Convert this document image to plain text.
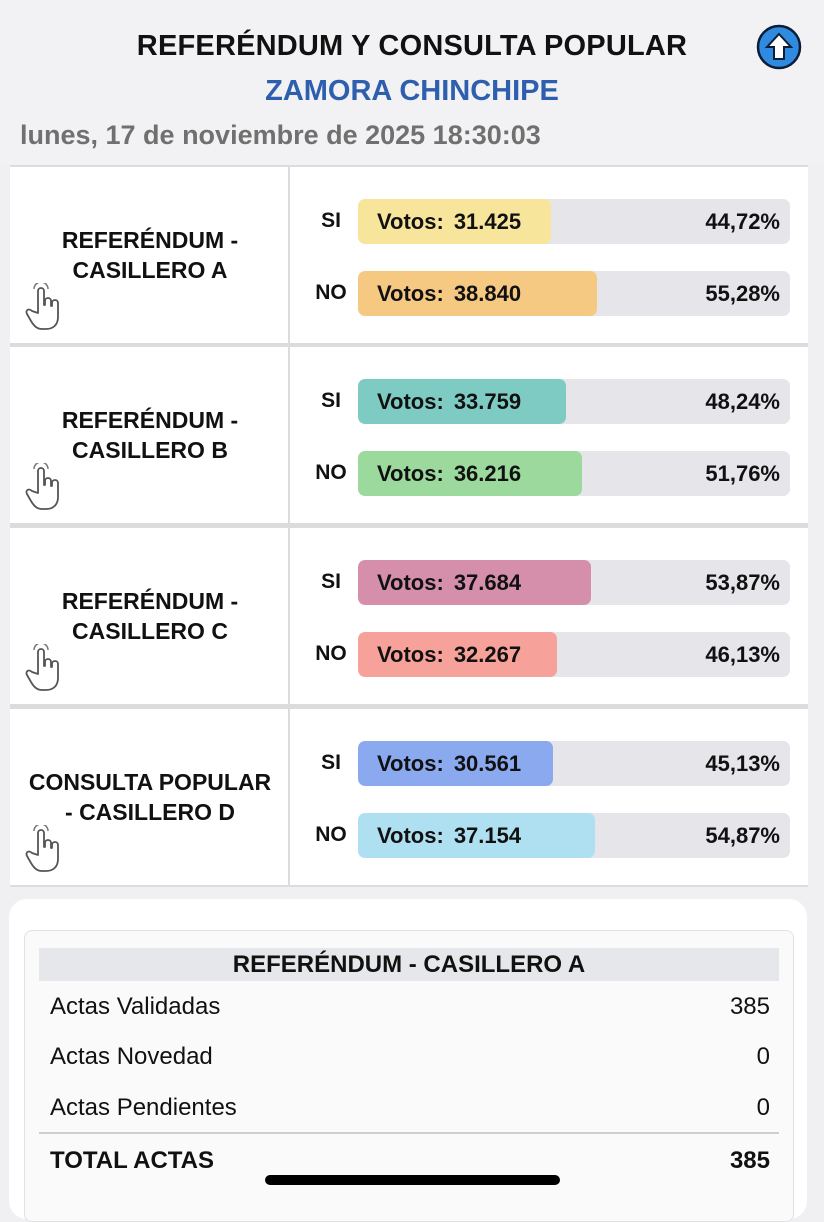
REFERÉNDUM Y CONSULTA POPULAR
ZAMORA CHINCHIPE
lunes, 17 de noviembre de 2025 18:30:03
REFERÉNDUM -
CASILLERO A
SI	Votos: 31.425	44,72%
NO Votos: 38.840	55,28%
REFERÉNDUM -
CASILLERO B
SI	Votos: 33.759	48,24%
NO Votos: 36.216	51,76%
REFERÉNDUM -
CASILLERO C
SI	Votos: 37.684	53,87%
NO Votos: 32.267	46,13%
CONSULTA POPULAR
- CASILLERO D
SI	Votos: 30.561	45,13%
NO Votos: 37.154	54,87%
REFERÉNDUM - CASILLERO A
Actas Validadas	385
Actas Novedad	0
Actas Pendientes	0
TOTAL ACTAS	385
